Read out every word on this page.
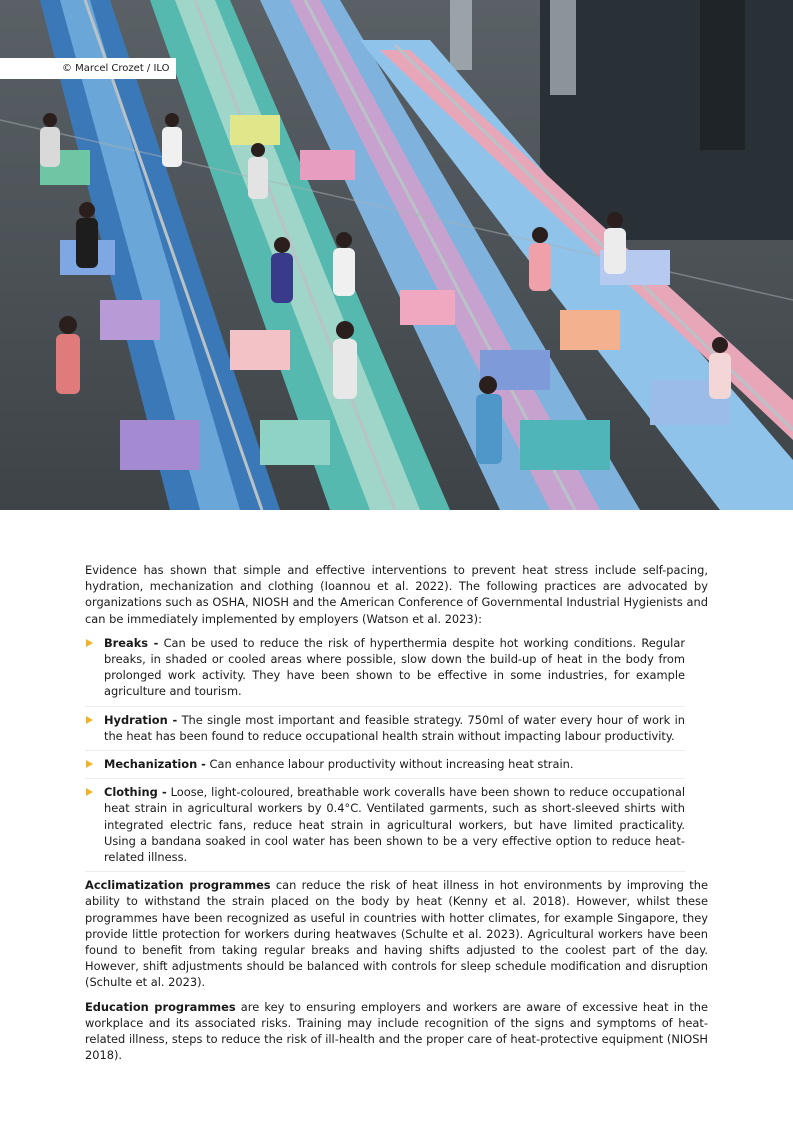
© Marcel Crozet / ILO

Evidence has shown that simple and effective interventions to prevent heat stress include self-pacing, hydration, mechanization and clothing (Ioannou et al. 2022). The following practices are advocated by organizations such as OSHA, NIOSH and the American Conference of Governmental Industrial Hygienists and can be immediately implemented by employers (Watson et al. 2023):

Breaks - Can be used to reduce the risk of hyperthermia despite hot working conditions. Regular breaks, in shaded or cooled areas where possible, slow down the build-up of heat in the body from prolonged work activity. They have been shown to be effective in some industries, for example agriculture and tourism.
Hydration - The single most important and feasible strategy. 750ml of water every hour of work in the heat has been found to reduce occupational health strain without impacting labour productivity.
Mechanization - Can enhance labour productivity without increasing heat strain.
Clothing - Loose, light-coloured, breathable work coveralls have been shown to reduce occupational heat strain in agricultural workers by 0.4°C. Ventilated garments, such as short-sleeved shirts with integrated electric fans, reduce heat strain in agricultural workers, but have limited practicality. Using a bandana soaked in cool water has been shown to be a very effective option to reduce heat-related illness.

Acclimatization programmes can reduce the risk of heat illness in hot environments by improving the ability to withstand the strain placed on the body by heat (Kenny et al. 2018). However, whilst these programmes have been recognized as useful in countries with hotter climates, for example Singapore, they provide little protection for workers during heatwaves (Schulte et al. 2023). Agricultural workers have been found to benefit from taking regular breaks and having shifts adjusted to the coolest part of the day. However, shift adjustments should be balanced with controls for sleep schedule modification and disruption (Schulte et al. 2023).

Education programmes are key to ensuring employers and workers are aware of excessive heat in the workplace and its associated risks. Training may include recognition of the signs and symptoms of heat-related illness, steps to reduce the risk of ill-health and the proper care of heat-protective equipment (NIOSH 2018).
